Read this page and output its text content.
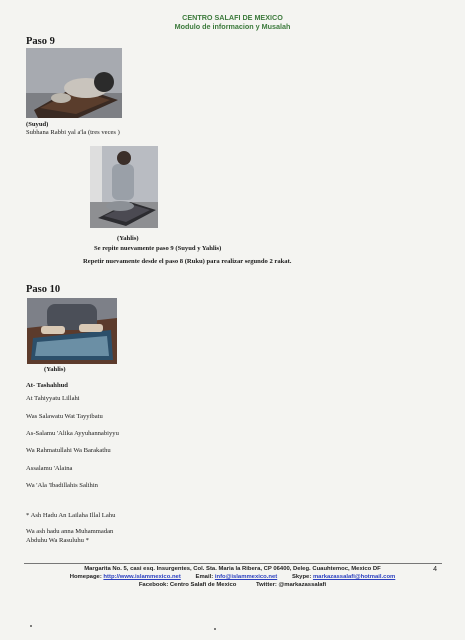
CENTRO SALAFI DE MEXICO
Modulo de informacion y Musalah
Paso 9
(Suyud)
Subhana Rabbi yal a'la (tres veces )
(Yahlis)
Se repite nuevamente paso 9 (Suyud y Yahlis)
Repetir nuevamente desde el paso 8 (Ruku) para realizar segundo 2 rakat.
Paso 10
(Yahlis)
At- Tashahhud
At Tahiyyatu Lillahi
Was Salawatu Wat Tayyibatu
As-Salamu 'Alika Ayyuhannabiyyu
Wa Rahmatullahi Wa Barakathu
Assalamu 'Alaina
Wa 'Ala 'Ibadillahis Salihin
* Ash Hadu An Lailaha Illal Lahu
Wa ash hadu anna Muhammadan
Abduhu Wa Rasuluhu *
4
Margarita No. 5, casi esq. Insurgentes, Col. Sta. Maria la Ribera, CP 06400, Deleg. Cuauhtemoc, Mexico DF
Homepage: http://www.islammexico.net Email: info@islammexico.net Skype: markazassalafi@hotmail.com
Facebook: Centro Salafi de Mexico	Twitter: @markazassalafi
